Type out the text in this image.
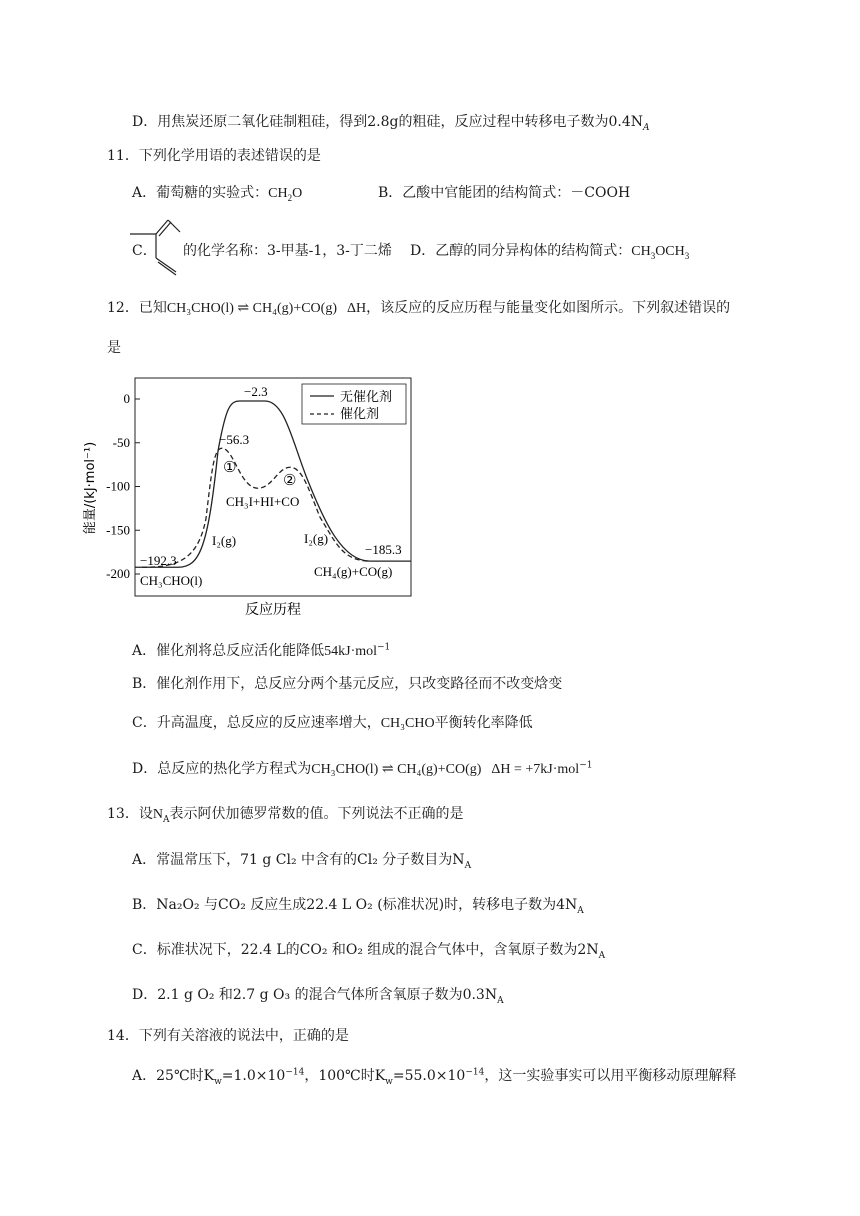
D．用焦炭还原二氧化硅制粗硅，得到2.8g的粗硅，反应过程中转移电子数为$0.4N_A$
11．下列化学用语的表述错误的是
A．葡萄糖的实验式：$CH_2O$	B．乙酸中官能团的结构简式：－COOH
C． 的化学名称：3-甲基-1，3-丁二烯 D．乙醇的同分异构体的结构简式：$CH_3OCH_3$
12．已知CH₃CHO(l) ⇌ CH₄(g)+CO(g) ΔH，该反应的反应历程与能量变化如图所示。下列叙述错误的
是
0
-50
-100
-150
-200
能量/(kJ·mol⁻¹)
反应历程
无催化剂
催化剂
−2.3
−56.3
①
②
CH₃I+HI+CO
I₂(g)	I₂(g)
−192.3
CH₃CHO(l)
−185.3
CH₄(g)+CO(g)
A．催化剂将总反应活化能降低54kJ·mol$^{-1}$
B．催化剂作用下，总反应分两个基元反应，只改变路径而不改变焓变
C．升高温度，总反应的反应速率增大，CH₃CHO平衡转化率降低
D．总反应的热化学方程式为CH₃CHO(l) ⇌ CH₄(g)+CO(g) ΔH = +7kJ·mol$^{-1}$
13．设$N_A$表示阿伏加德罗常数的值。下列说法不正确的是
A．常温常压下，71 g Cl₂ 中含有的Cl₂ 分子数目为$N_A$
B．Na₂O₂ 与CO₂ 反应生成22.4 L O₂ (标准状况)时，转移电子数为$4N_A$
C．标准状况下，22.4 L的CO₂ 和O₂ 组成的混合气体中，含氧原子数为$2N_A$
D．2.1 g O₂ 和2.7 g O₃ 的混合气体所含氧原子数为$0.3N_A$
14．下列有关溶液的说法中，正确的是
A．25℃时$K_w=1.0\times 10^{-14}$，100℃时$K_w=55.0\times 10^{-14}$，这一实验事实可以用平衡移动原理解释
